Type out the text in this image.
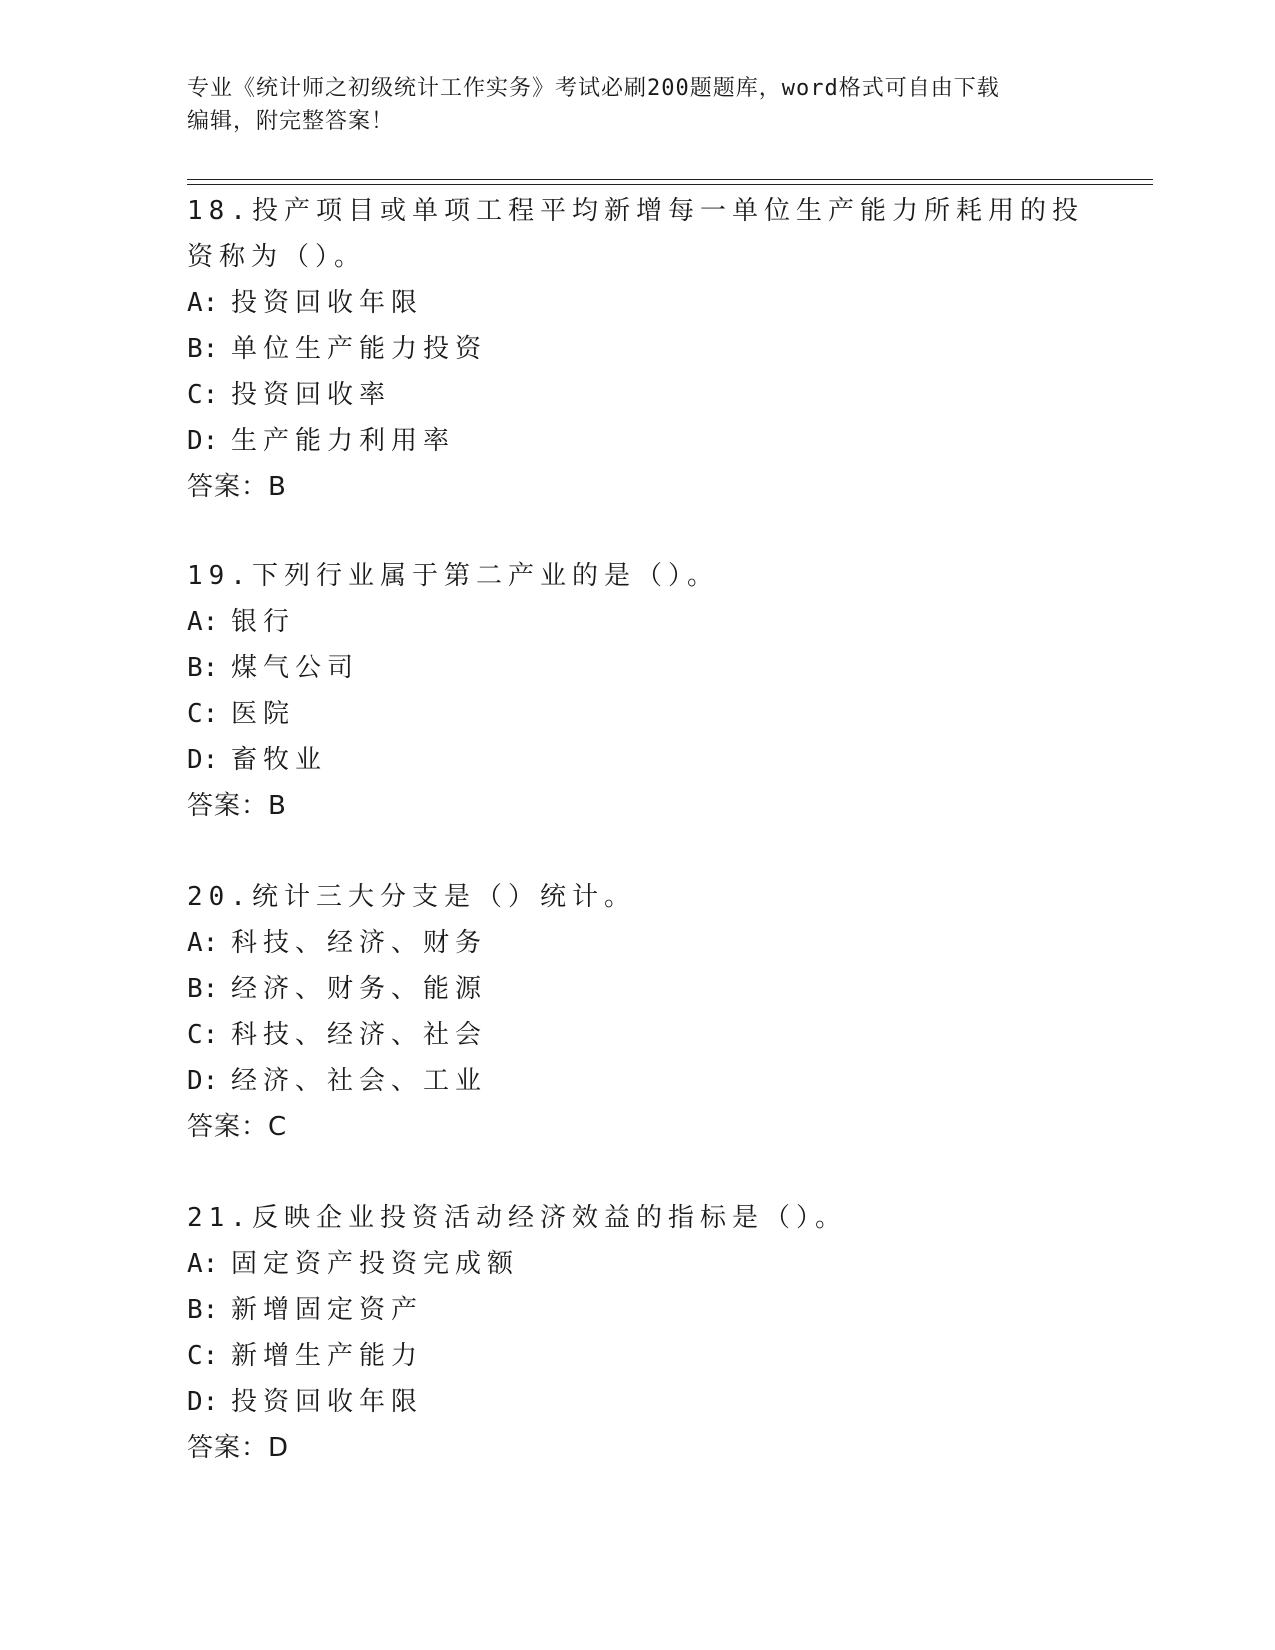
专业《统计师之初级统计工作实务》考试必刷200题题库，word格式可自由下载
编辑，附完整答案！

18.投产项目或单项工程平均新增每一单位生产能力所耗用的投资称为（）。

A: 投资回收年限
B: 单位生产能力投资
C: 投资回收率
D: 生产能力利用率
答案：B

19.下列行业属于第二产业的是（）。

A: 银行
B: 煤气公司
C: 医院
D: 畜牧业
答案：B

20.统计三大分支是（）统计。

A: 科技、经济、财务
B: 经济、财务、能源
C: 科技、经济、社会
D: 经济、社会、工业
答案：C

21.反映企业投资活动经济效益的指标是（）。

A: 固定资产投资完成额
B: 新增固定资产
C: 新增生产能力
D: 投资回收年限
答案：D
